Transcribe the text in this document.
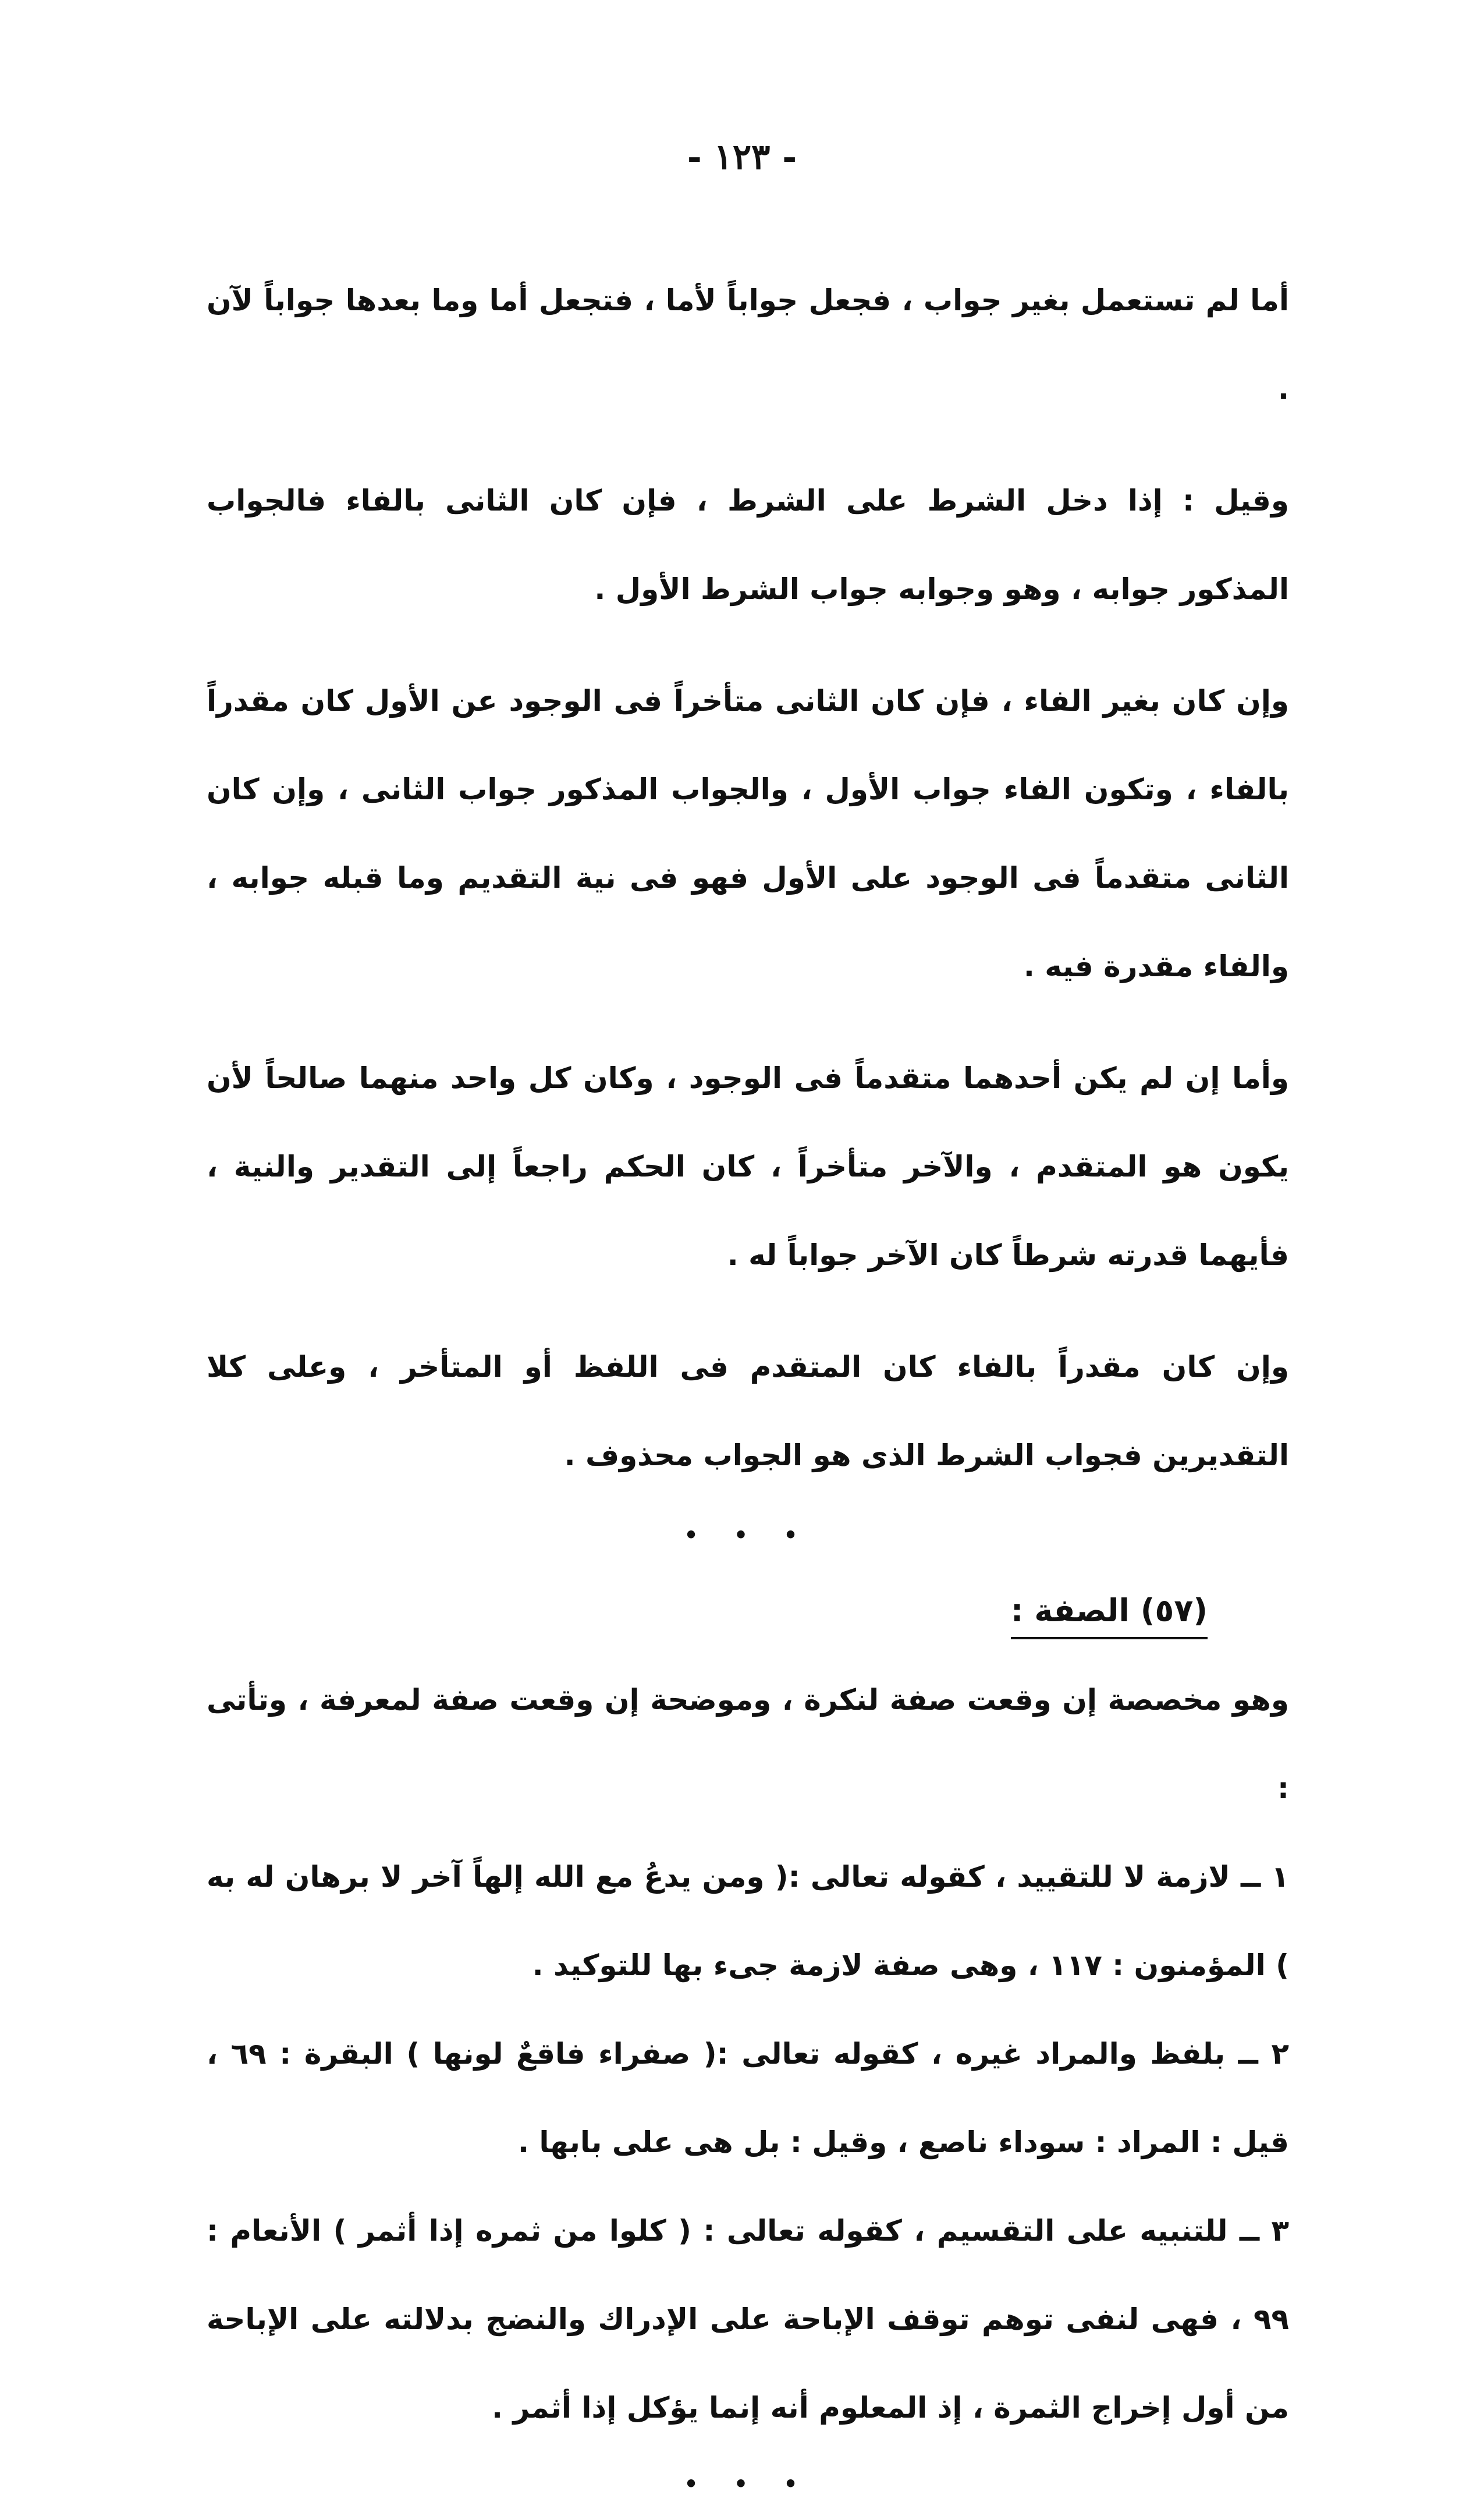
- ١٢٣ -

أما لم تستعمل بغير جواب ، فجعل جواباً لأما ، فتجعل أما وما بعدها جواباً لآن .

وقيل : إذا دخل الشرط على الشرط ، فإن كان الثانى بالفاء فالجواب المذكور جوابه ، وهو وجوابه جواب الشرط الأول .

وإن كان بغير الفاء ، فإن كان الثانى متأخراً فى الوجود عن الأول كان مقدراً بالفاء ، وتكون الفاء جواب الأول ، والجواب المذكور جواب الثانى ، وإن كان الثانى متقدماً فى الوجود على الأول فهو فى نية التقديم وما قبله جوابه ، والفاء مقدرة فيه .

وأما إن لم يكن أحدهما متقدماً فى الوجود ، وكان كل واحد منهما صالحاً لأن يكون هو المتقدم ، والآخر متأخراً ، كان الحكم راجعاً إلى التقدير والنية ، فأيهما قدرته شرطاً كان الآخر جواباً له .

وإن كان مقدراً بالفاء كان المتقدم فى اللفظ أو المتأخر ، وعلى كلا التقديرين فجواب الشرط الذى هو الجواب محذوف .

• • •

(٥٧) الصفة :

وهو مخصصة إن وقعت صفة لنكرة ، وموضحة إن وقعت صفة لمعرفة ، وتأتى :

١ ــ لازمة لا للتقييد ، كقوله تعالى :( ومن يدعُ مع الله إلهاً آخر لا برهان له به ) المؤمنون : ١١٧ ، وهى صفة لازمة جىء بها للتوكيد .

٢ ــ بلفظ والمراد غيره ، كقوله تعالى :( صفراء فاقعٌ لونها ) البقرة : ٦٩ ، قيل : المراد : سوداء ناصع ، وقيل : بل هى على بابها .

٣ ــ للتنبيه على التقسيم ، كقوله تعالى : ( كلوا من ثمره إذا أثمر ) الأنعام : ٩٩ ، فهى لنفى توهم توقف الإباحة على الإدراك والنضج بدلالته على الإباحة من أول إخراج الثمرة ، إذ المعلوم أنه إنما يؤكل إذا أثمر .

• • •
